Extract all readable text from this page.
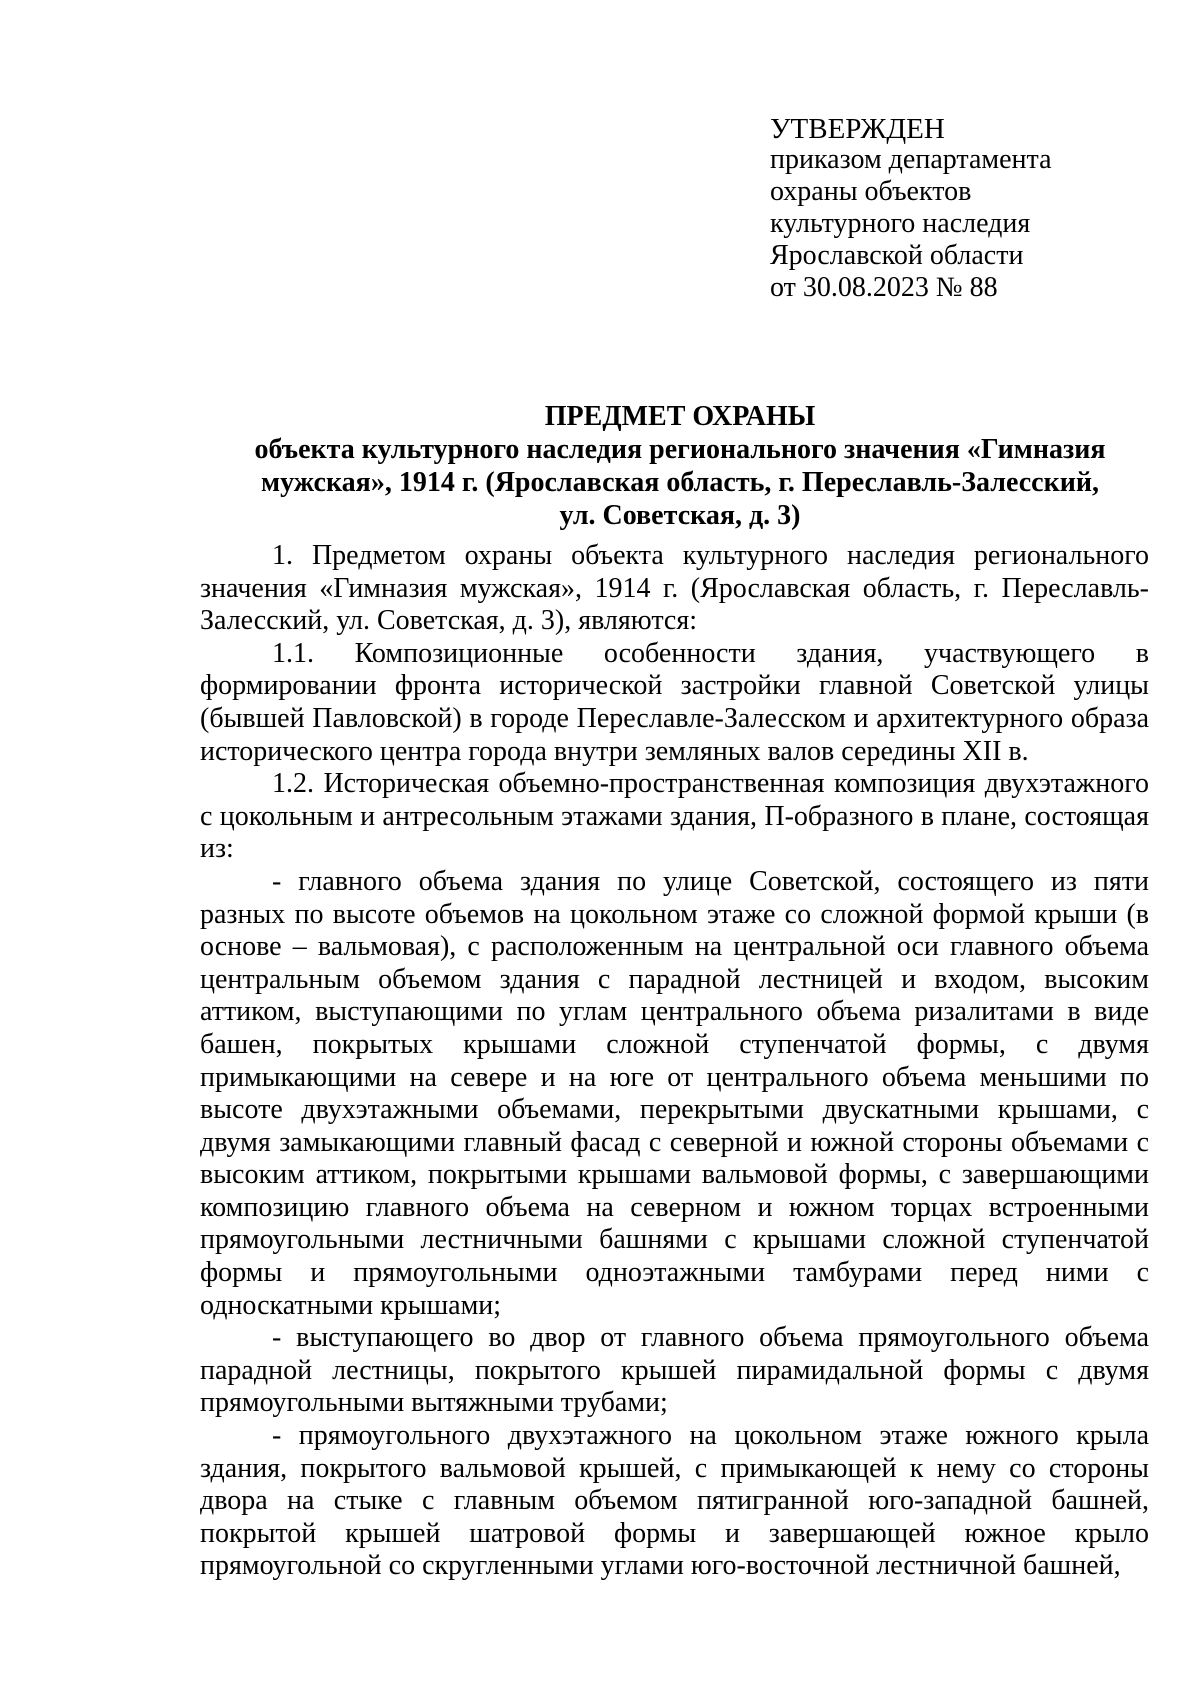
УТВЕРЖДЕН
приказом департамента
охраны объектов
культурного наследия
Ярославской области
от 30.08.2023 № 88
ПРЕДМЕТ ОХРАНЫ
объекта культурного наследия регионального значения «Гимназия
мужская», 1914 г. (Ярославская область, г. Переславль-Залесский,
ул. Советская, д. 3)

1. Предметом охраны объекта культурного наследия регионального значения «Гимназия мужская», 1914 г. (Ярославская область, г. Переславль-Залесский, ул. Советская, д. 3), являются:

1.1. Композиционные особенности здания, участвующего в формировании фронта исторической застройки главной Советской улицы (бывшей Павловской) в городе Переславле-Залесском и архитектурного образа исторического центра города внутри земляных валов середины XII в.

1.2. Историческая объемно-пространственная композиция двухэтажного с цокольным и антресольным этажами здания, П-образного в плане, состоящая из:

- главного объема здания по улице Советской, состоящего из пяти разных по высоте объемов на цокольном этаже со сложной формой крыши (в основе – вальмовая), с расположенным на центральной оси главного объема центральным объемом здания с парадной лестницей и входом, высоким аттиком, выступающими по углам центрального объема ризалитами в виде башен, покрытых крышами сложной ступенчатой формы, с двумя примыкающими на севере и на юге от центрального объема меньшими по высоте двухэтажными объемами, перекрытыми двускатными крышами, с двумя замыкающими главный фасад с северной и южной стороны объемами с высоким аттиком, покрытыми крышами вальмовой формы, с завершающими композицию главного объема на северном и южном торцах встроенными прямоугольными лестничными башнями с крышами сложной ступенчатой формы и прямоугольными одноэтажными тамбурами перед ними с односкатными крышами;

- выступающего во двор от главного объема прямоугольного объема парадной лестницы, покрытого крышей пирамидальной формы с двумя прямоугольными вытяжными трубами;

- прямоугольного двухэтажного на цокольном этаже южного крыла здания, покрытого вальмовой крышей, с примыкающей к нему со стороны двора на стыке с главным объемом пятигранной юго-западной башней, покрытой крышей шатровой формы и завершающей южное крыло прямоугольной со скругленными углами юго-восточной лестничной башней,
